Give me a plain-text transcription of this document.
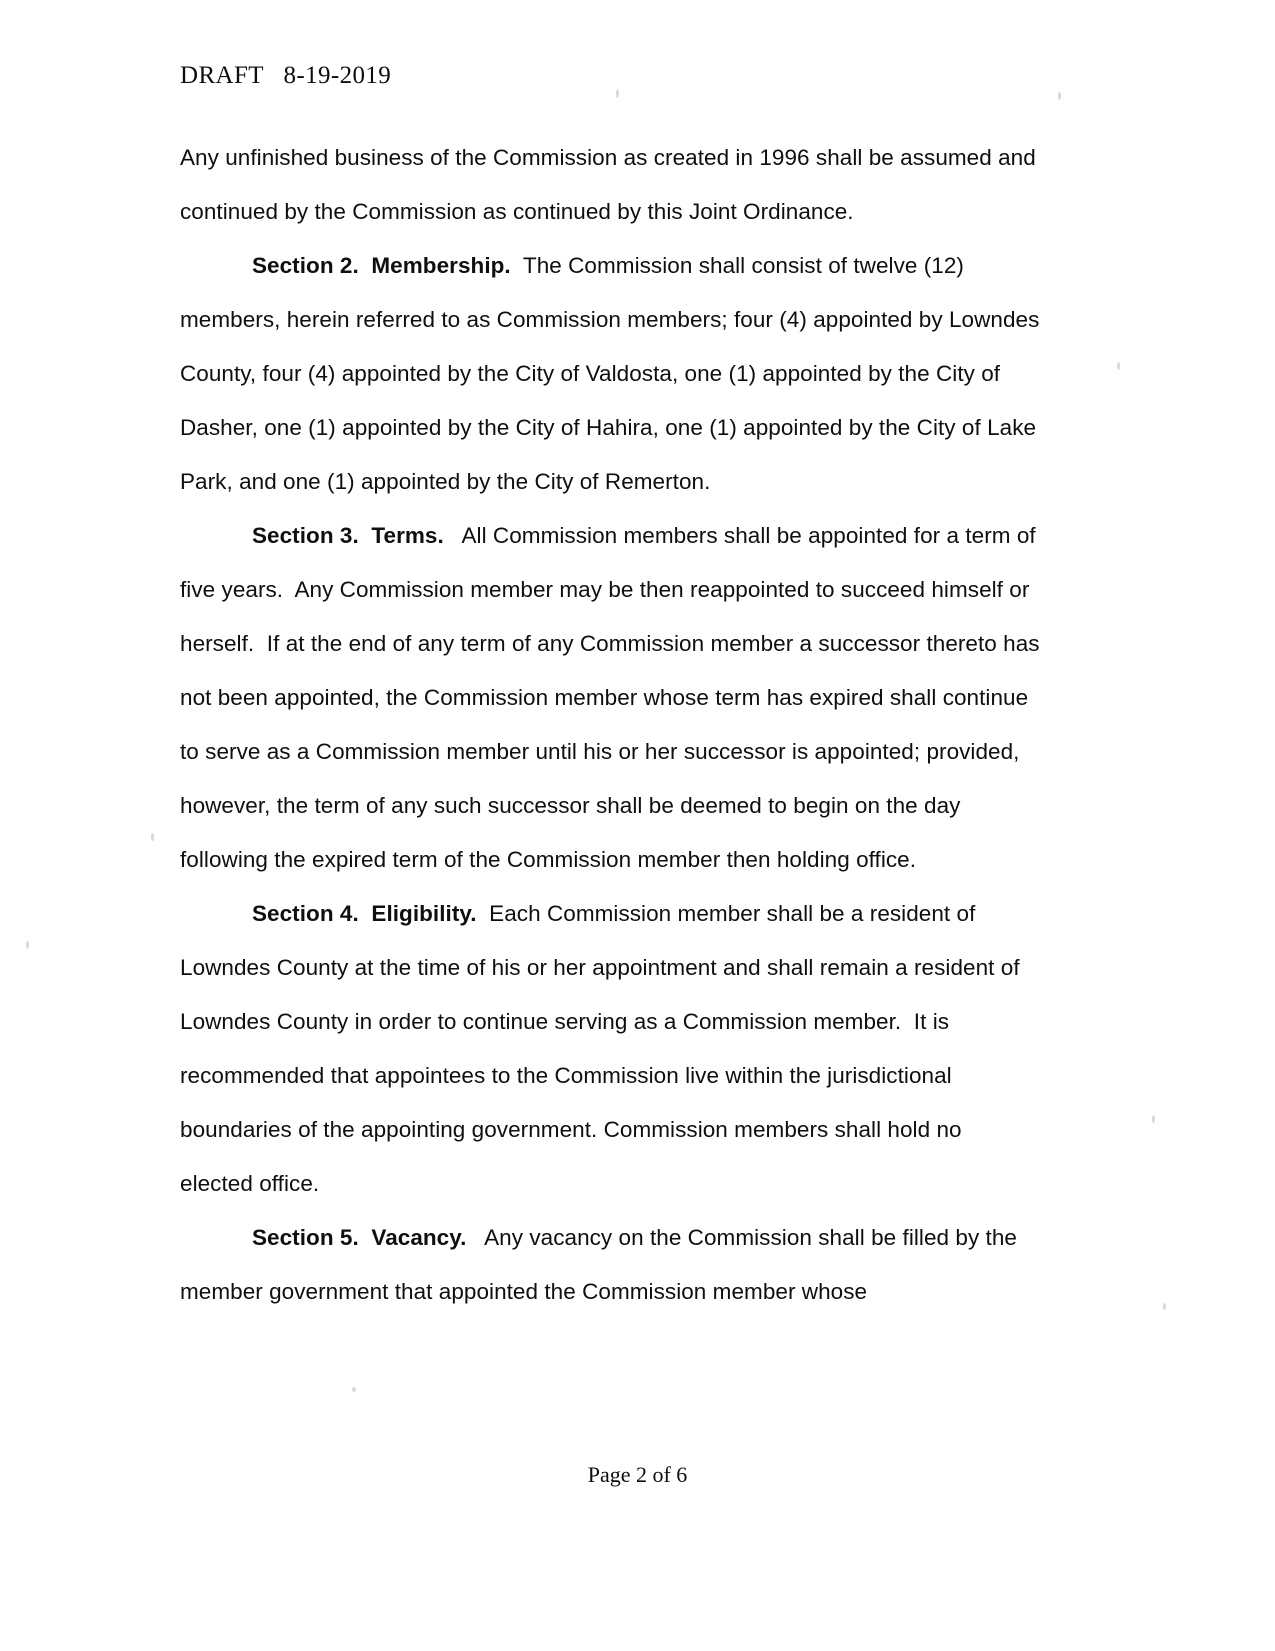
DRAFT   8-19-2019

Any unfinished business of the Commission as created in 1996 shall be assumed and continued by the Commission as continued by this Joint Ordinance.

Section 2.  Membership.  The Commission shall consist of twelve (12) members, herein referred to as Commission members; four (4) appointed by Lowndes County, four (4) appointed by the City of Valdosta, one (1) appointed by the City of Dasher, one (1) appointed by the City of Hahira, one (1) appointed by the City of Lake Park, and one (1) appointed by the City of Remerton.

Section 3.  Terms.   All Commission members shall be appointed for a term of five years.  Any Commission member may be then reappointed to succeed himself or herself.  If at the end of any term of any Commission member a successor thereto has not been appointed, the Commission member whose term has expired shall continue to serve as a Commission member until his or her successor is appointed; provided, however, the term of any such successor shall be deemed to begin on the day following the expired term of the Commission member then holding office.

Section 4.  Eligibility.  Each Commission member shall be a resident of Lowndes County at the time of his or her appointment and shall remain a resident of Lowndes County in order to continue serving as a Commission member.  It is recommended that appointees to the Commission live within the jurisdictional boundaries of the appointing government. Commission members shall hold no elected office.

Section 5.  Vacancy.   Any vacancy on the Commission shall be filled by the member government that appointed the Commission member whose

Page 2 of 6
